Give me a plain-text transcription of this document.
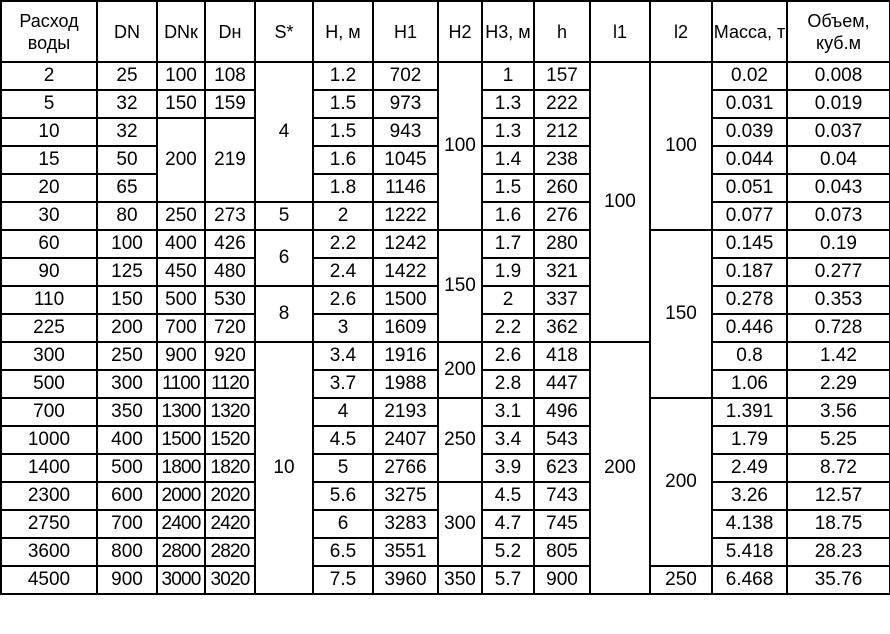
Расход воды	DN	DNк	Dн	S*	Н, м	Н1	Н2	Н3, м	h	l1	l2	Масса, т	Объем, куб.м
2	25	100	108	4	1.2	702	100	1	157	100	100	0.02	0.008
5	32	150	159		1.5	973		1.3	222			0.031	0.019
10	32	200	219		1.5	943		1.3	212			0.039	0.037
15	50				1.6	1045		1.4	238			0.044	0.04
20	65				1.8	1146		1.5	260			0.051	0.043
30	80	250	273	5	2	1222		1.6	276			0.077	0.073
60	100	400	426	6	2.2	1242	150	1.7	280		150	0.145	0.19
90	125	450	480		2.4	1422		1.9	321			0.187	0.277
110	150	500	530	8	2.6	1500		2	337			0.278	0.353
225	200	700	720		3	1609		2.2	362			0.446	0.728
300	250	900	920	10	3.4	1916	200	2.6	418	200		0.8	1.42
500	300	1100	1120		3.7	1988		2.8	447			1.06	2.29
700	350	1300	1320		4	2193	250	3.1	496		200	1.391	3.56
1000	400	1500	1520		4.5	2407		3.4	543			1.79	5.25
1400	500	1800	1820		5	2766		3.9	623			2.49	8.72
2300	600	2000	2020		5.6	3275	300	4.5	743			3.26	12.57
2750	700	2400	2420		6	3283		4.7	745			4.138	18.75
3600	800	2800	2820		6.5	3551		5.2	805			5.418	28.23
4500	900	3000	3020		7.5	3960	350	5.7	900		250	6.468	35.76
